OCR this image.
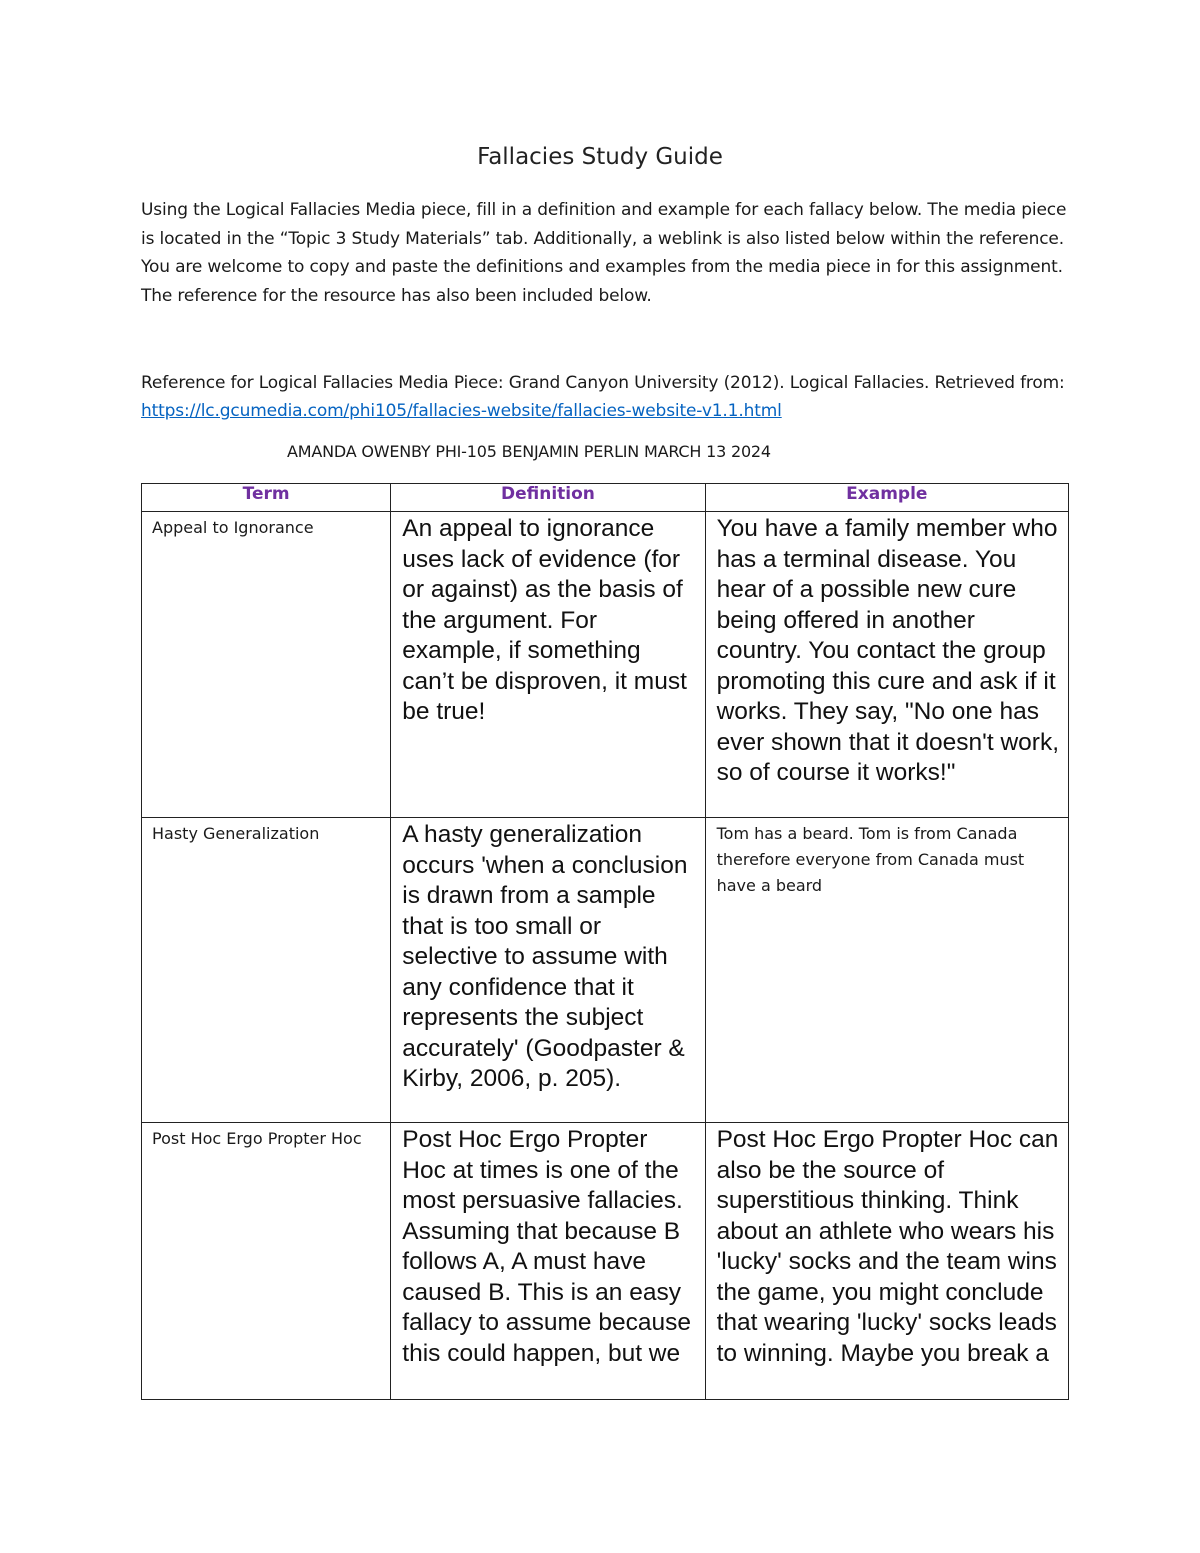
Fallacies Study Guide
Using the Logical Fallacies Media piece, fill in a definition and example for each fallacy below. The media piece is located in the “Topic 3 Study Materials” tab. Additionally, a weblink is also listed below within the reference. You are welcome to copy and paste the definitions and examples from the media piece in for this assignment. The reference for the resource has also been included below.
Reference for Logical Fallacies Media Piece: Grand Canyon University (2012). Logical Fallacies. Retrieved from: https://lc.gcumedia.com/phi105/fallacies-website/fallacies-website-v1.1.html
AMANDA OWENBY PHI-105 BENJAMIN PERLIN MARCH 13 2024
Term	Definition	Example
Appeal to Ignorance	An appeal to ignorance uses lack of evidence (for or against) as the basis of the argument. For example, if something can’t be disproven, it must be true!	You have a family member who has a terminal disease. You hear of a possible new cure being offered in another country. You contact the group promoting this cure and ask if it works. They say, "No one has ever shown that it doesn't work, so of course it works!"
Hasty Generalization	A hasty generalization occurs 'when a conclusion is drawn from a sample that is too small or selective to assume with any confidence that it represents the subject accurately' (Goodpaster & Kirby, 2006, p. 205).	Tom has a beard. Tom is from Canada therefore everyone from Canada must have a beard
Post Hoc Ergo Propter Hoc	Post Hoc Ergo Propter Hoc at times is one of the most persuasive fallacies. Assuming that because B follows A, A must have caused B. This is an easy fallacy to assume because this could happen, but we	Post Hoc Ergo Propter Hoc can also be the source of superstitious thinking. Think about an athlete who wears his 'lucky' socks and the team wins the game, you might conclude that wearing 'lucky' socks leads to winning. Maybe you break a
